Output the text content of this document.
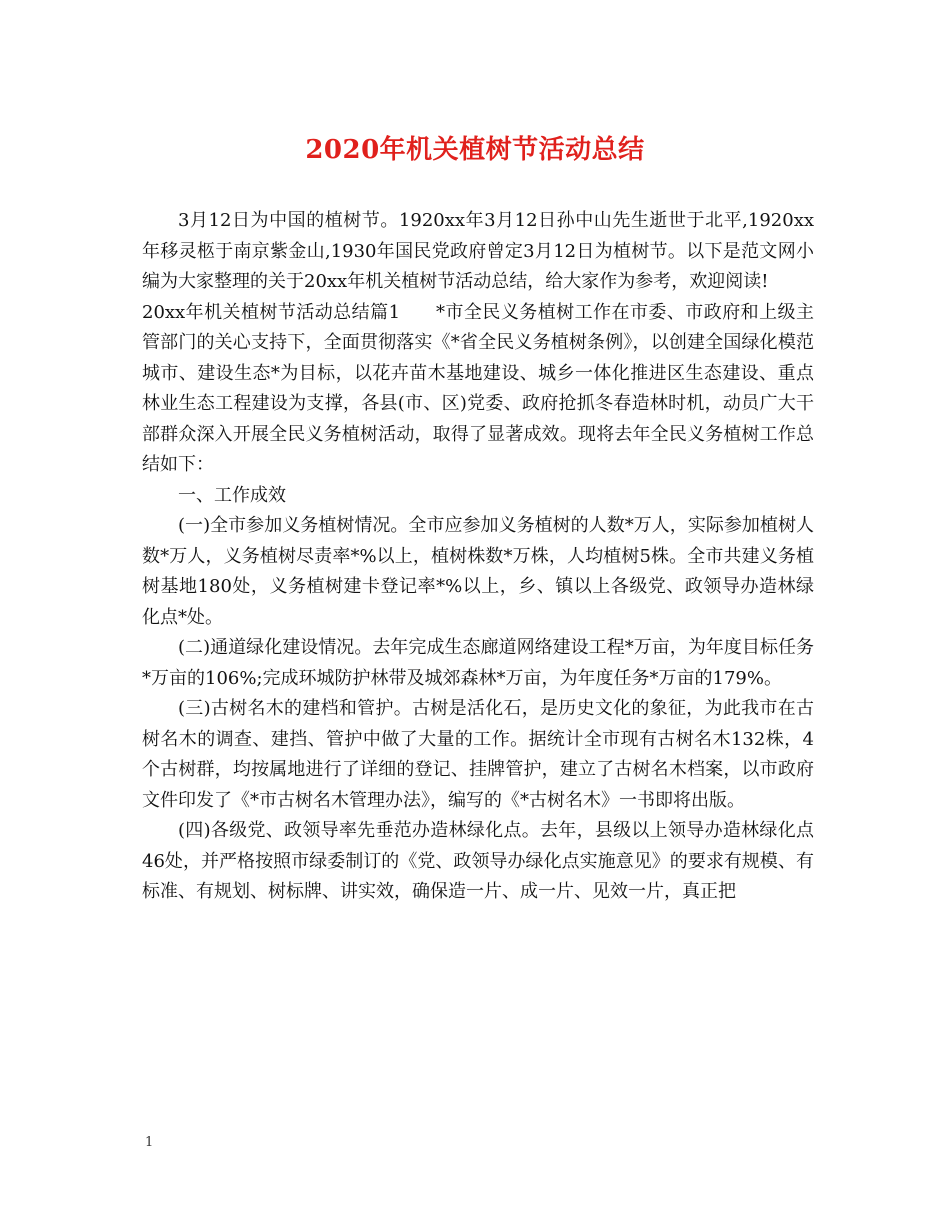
2020年机关植树节活动总结

3月12日为中国的植树节。1920xx年3月12日孙中山先生逝世于北平,1920xx年移灵柩于南京紫金山,1930年国民党政府曾定3月12日为植树节。以下是范文网小编为大家整理的关于20xx年机关植树节活动总结，给大家作为参考，欢迎阅读!

20xx年机关植树节活动总结篇1 *市全民义务植树工作在市委、市政府和上级主管部门的关心支持下，全面贯彻落实《*省全民义务植树条例》，以创建全国绿化模范城市、建设生态*为目标，以花卉苗木基地建设、城乡一体化推进区生态建设、重点林业生态工程建设为支撑，各县(市、区)党委、政府抢抓冬春造林时机，动员广大干部群众深入开展全民义务植树活动，取得了显著成效。现将去年全民义务植树工作总结如下：

一、工作成效

(一)全市参加义务植树情况。全市应参加义务植树的人数*万人，实际参加植树人数*万人，义务植树尽责率*%以上，植树株数*万株，人均植树5株。全市共建义务植树基地180处，义务植树建卡登记率*%以上，乡、镇以上各级党、政领导办造林绿化点*处。

(二)通道绿化建设情况。去年完成生态廊道网络建设工程*万亩，为年度目标任务*万亩的106%;完成环城防护林带及城郊森林*万亩，为年度任务*万亩的179%。

(三)古树名木的建档和管护。古树是活化石，是历史文化的象征，为此我市在古树名木的调查、建挡、管护中做了大量的工作。据统计全市现有古树名木132株，4个古树群，均按属地进行了详细的登记、挂牌管护，建立了古树名木档案，以市政府文件印发了《*市古树名木管理办法》，编写的《*古树名木》一书即将出版。

(四)各级党、政领导率先垂范办造林绿化点。去年，县级以上领导办造林绿化点46处，并严格按照市绿委制订的《党、政领导办绿化点实施意见》的要求有规模、有标准、有规划、树标牌、讲实效，确保造一片、成一片、见效一片，真正把

1
